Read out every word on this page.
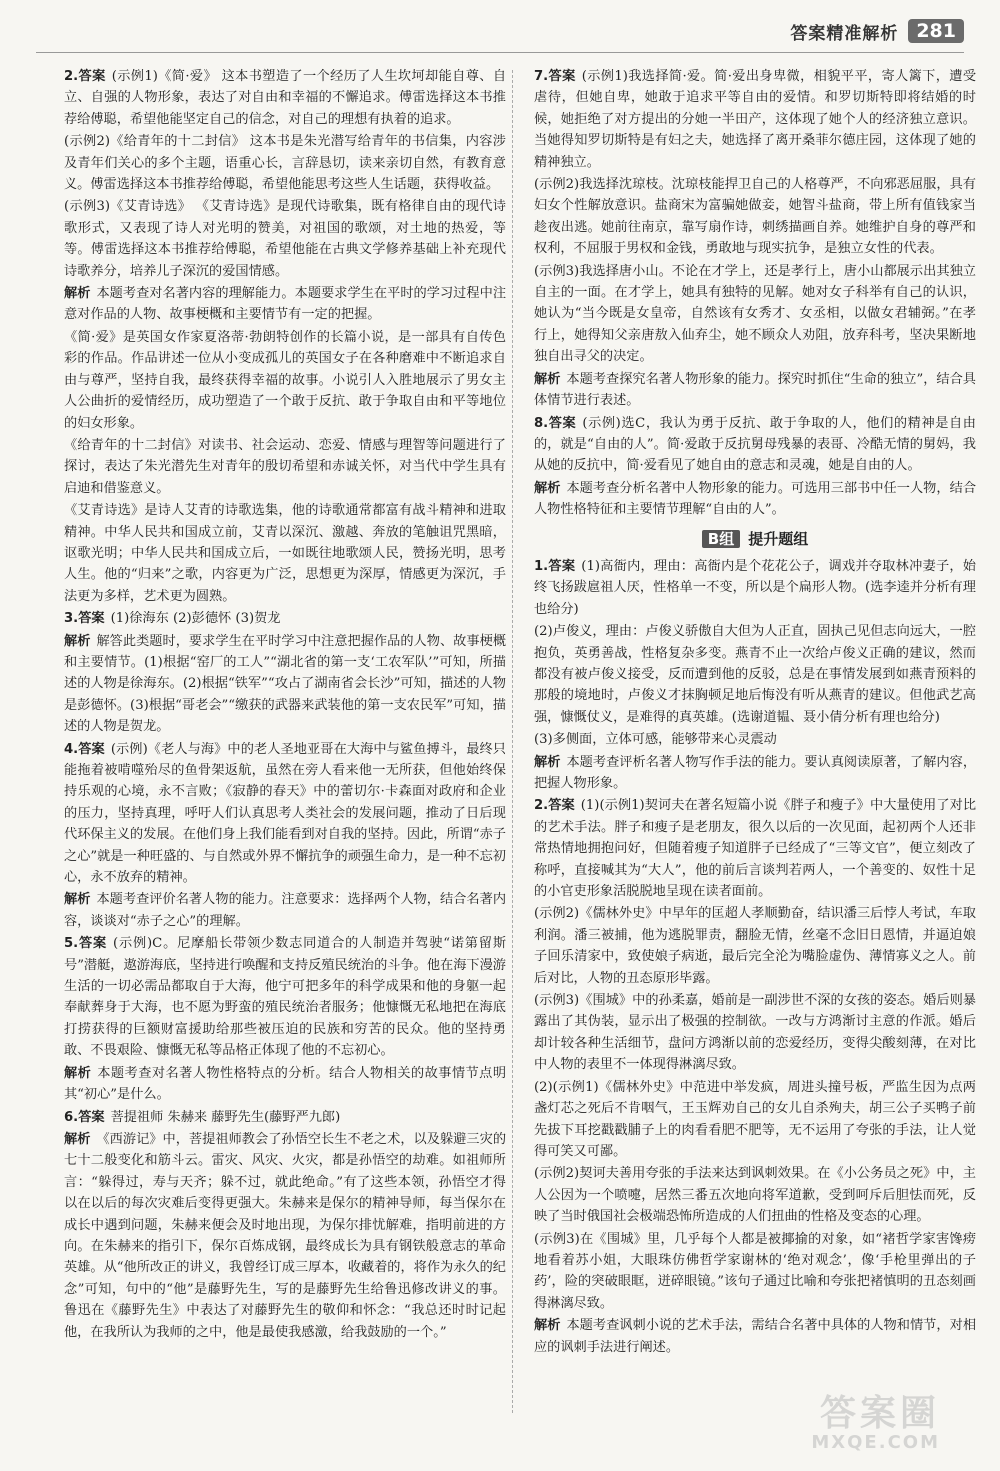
答案精准解析 281
2.答案 (示例1)《简·爱》 这本书塑造了一个经历了人生坎坷却能自尊、自立、自强的人物形象，表达了对自由和幸福的不懈追求。傅雷选择这本书推荐给傅聪，希望他能坚定自己的信念，对自己的理想有执着的追求。
(示例2)《给青年的十二封信》 这本书是朱光潜写给青年的书信集，内容涉及青年们关心的多个主题，语重心长，言辞恳切，读来亲切自然，有教育意义。傅雷选择这本书推荐给傅聪，希望他能思考这些人生话题，获得收益。
(示例3)《艾青诗选》 《艾青诗选》是现代诗歌集，既有格律自由的现代诗歌形式，又表现了诗人对光明的赞美，对祖国的歌颂，对土地的热爱，等等。傅雷选择这本书推荐给傅聪，希望他能在古典文学修养基础上补充现代诗歌养分，培养儿子深沉的爱国情感。
解析 本题考查对名著内容的理解能力。本题要求学生在平时的学习过程中注意对作品的人物、故事梗概和主要情节有一定的把握。
《简·爱》是英国女作家夏洛蒂·勃朗特创作的长篇小说，是一部具有自传色彩的作品。作品讲述一位从小变成孤儿的英国女子在各种磨难中不断追求自由与尊严，坚持自我，最终获得幸福的故事。小说引人入胜地展示了男女主人公曲折的爱情经历，成功塑造了一个敢于反抗、敢于争取自由和平等地位的妇女形象。
《给青年的十二封信》对读书、社会运动、恋爱、情感与理智等问题进行了探讨，表达了朱光潜先生对青年的殷切希望和赤诚关怀，对当代中学生具有启迪和借鉴意义。
《艾青诗选》是诗人艾青的诗歌选集，他的诗歌通常都富有战斗精神和进取精神。中华人民共和国成立前，艾青以深沉、激越、奔放的笔触诅咒黑暗，讴歌光明；中华人民共和国成立后，一如既往地歌颂人民，赞扬光明，思考人生。他的“归来”之歌，内容更为广泛，思想更为深厚，情感更为深沉，手法更为多样，艺术更为圆熟。
3.答案 (1)徐海东 (2)彭德怀 (3)贺龙
解析 解答此类题时，要求学生在平时学习中注意把握作品的人物、故事梗概和主要情节。(1)根据“窑厂的工人”“湖北省的第一支‘工农军队’”可知，所描述的人物是徐海东。(2)根据“铁军”“攻占了湖南省会长沙”可知，描述的人物是彭德怀。(3)根据“哥老会”“缴获的武器来武装他的第一支农民军”可知，描述的人物是贺龙。
4.答案 (示例)《老人与海》中的老人圣地亚哥在大海中与鲨鱼搏斗，最终只能拖着被啃噬殆尽的鱼骨架返航，虽然在旁人看来他一无所获，但他始终保持乐观的心境，永不言败；《寂静的春天》中的蕾切尔·卡森面对政府和企业的压力，坚持真理，呼吁人们认真思考人类社会的发展问题，推动了日后现代环保主义的发展。在他们身上我们能看到对自我的坚持。因此，所谓“赤子之心”就是一种旺盛的、与自然或外界不懈抗争的顽强生命力，是一种不忘初心，永不放弃的精神。
解析 本题考查评价名著人物的能力。注意要求：选择两个人物，结合名著内容，谈谈对“赤子之心”的理解。
5.答案 (示例)C。尼摩船长带领少数志同道合的人制造并驾驶“诺第留斯号”潜艇，遨游海底，坚持进行唤醒和支持反殖民统治的斗争。他在海下漫游生活的一切必需品都取自于大海，他宁可把多年的科学成果和他的身躯一起奉献葬身于大海，也不愿为野蛮的殖民统治者服务；他慷慨无私地把在海底打捞获得的巨额财富援助给那些被压迫的民族和穷苦的民众。他的坚持勇敢、不畏艰险、慷慨无私等品格正体现了他的不忘初心。
解析 本题考查对名著人物性格特点的分析。结合人物相关的故事情节点明其“初心”是什么。
6.答案 菩提祖师 朱赫来 藤野先生(藤野严九郎)
解析 《西游记》中，菩提祖师教会了孙悟空长生不老之术，以及躲避三灾的七十二般变化和筋斗云。雷灾、风灾、火灾，都是孙悟空的劫难。如祖师所言：“躲得过，寿与天齐；躲不过，就此绝命。”有了这些本领，孙悟空才得以在以后的每次灾难后变得更强大。朱赫来是保尔的精神导师，每当保尔在成长中遇到问题，朱赫来便会及时地出现，为保尔排忧解难，指明前进的方向。在朱赫来的指引下，保尔百炼成钢，最终成长为具有钢铁般意志的革命英雄。从“他所改正的讲义，我曾经订成三厚本，收藏着的，将作为永久的纪念”可知，句中的“他”是藤野先生，写的是藤野先生给鲁迅修改讲义的事。鲁迅在《藤野先生》中表达了对藤野先生的敬仰和怀念：“我总还时时记起他，在我所认为我师的之中，他是最使我感激，给我鼓励的一个。”
7.答案 (示例1)我选择简·爱。简·爱出身卑微，相貌平平，寄人篱下，遭受虐待，但她自卑，她敢于追求平等自由的爱情。和罗切斯特即将结婚的时候，她拒绝了对方提出的分她一半田产，这体现了她个人的经济独立意识。当她得知罗切斯特是有妇之夫，她选择了离开桑菲尔德庄园，这体现了她的精神独立。
(示例2)我选择沈琼枝。沈琼枝能捍卫自己的人格尊严，不向邪恶屈服，具有妇女个性解放意识。盐商宋为富骗她做妾，她智斗盐商，带上所有值钱家当趁夜出逃。她前往南京，靠写扇作诗，刺绣描画自养。她维护自身的尊严和权利，不屈服于男权和金钱，勇敢地与现实抗争，是独立女性的代表。
(示例3)我选择唐小山。不论在才学上，还是孝行上，唐小山都展示出其独立自主的一面。在才学上，她具有独特的见解。她对女子科举有自己的认识，她认为“当今既是女皇帝，自然该有女秀才、女丞相，以做女君辅弼。”在孝行上，她得知父亲唐敖入仙弃尘，她不顾众人劝阻，放弃科考，坚决果断地独自出寻父的决定。
解析 本题考查探究名著人物形象的能力。探究时抓住“生命的独立”，结合具体情节进行表述。
8.答案 (示例)选C，我认为勇于反抗、敢于争取的人，他们的精神是自由的，就是“自由的人”。简·爱敢于反抗舅母残暴的表哥、冷酷无情的舅妈，我从她的反抗中，简·爱看见了她自由的意志和灵魂，她是自由的人。
解析 本题考查分析名著中人物形象的能力。可选用三部书中任一人物，结合人物性格特征和主要情节理解“自由的人”。
B组 提升题组
1.答案 (1)高衙内，理由：高衙内是个花花公子，调戏并夺取林冲妻子，始终飞扬跋扈祖人厌，性格单一不变，所以是个扁形人物。(选李逵并分析有理也给分)
(2)卢俊义，理由：卢俊义骄傲自大但为人正直，固执己见但志向远大，一腔抱负，英勇善战，性格复杂多变。燕青不止一次给卢俊义正确的建议，然而都没有被卢俊义接受，反而遭到他的反驳，总是在事情发展到如燕青预料的那般的境地时，卢俊义才抹胸顿足地后悔没有听从燕青的建议。但他武艺高强，慷慨仗义，是难得的真英雄。(选谢道韫、聂小倩分析有理也给分)
(3)多侧面，立体可感，能够带来心灵震动
解析 本题考查评析名著人物写作手法的能力。要认真阅读原著，了解内容，把握人物形象。
2.答案 (1)(示例1)契诃夫在著名短篇小说《胖子和瘦子》中大量使用了对比的艺术手法。胖子和瘦子是老朋友，很久以后的一次见面，起初两个人还非常热情地拥抱问好，但随着瘦子知道胖子已经成了“三等文官”，便立刻改了称呼，直接喊其为“大人”，他的前后言谈判若两人，一个善变的、奴性十足的小官吏形象活脱脱地呈现在读者面前。
(示例2)《儒林外史》中早年的匡超人孝顺勤奋，结识潘三后悖人考试，车取利润。潘三被捕，他为逃脱罪责，翻脸无情，丝毫不念旧日恩情，并逼迫娘子回乐清家中，致使娘子病逝，最后完全沦为嘴脸虚伪、薄情寡义之人。前后对比，人物的丑态原形毕露。
(示例3)《围城》中的孙柔嘉，婚前是一副涉世不深的女孩的姿态。婚后则暴露出了其伪装，显示出了极强的控制欲。一改与方鸿渐讨主意的作派。婚后却计较各种生活细节，盘问方鸿渐以前的恋爱经历，变得尖酸刻薄，在对比中人物的表里不一体现得淋漓尽致。
(2)(示例1)《儒林外史》中范进中举发疯，周进头撞号板，严监生因为点两盏灯芯之死后不肯咽气，王玉辉劝自己的女儿自杀殉夫，胡三公子买鸭子前先拔下耳挖戳戳脯子上的肉看看肥不肥等，无不运用了夸张的手法，让人觉得可笑又可鄙。
(示例2)契诃夫善用夸张的手法来达到讽刺效果。在《小公务员之死》中，主人公因为一个喷嚏，居然三番五次地向将军道歉，受到呵斥后胆怯而死，反映了当时俄国社会极端恐怖所造成的人们扭曲的性格及变态的心理。
(示例3)在《围城》里，几乎每个人都是被揶揄的对象，如“褚哲学家害馋痨地看着苏小姐，大眼珠仿佛哲学家谢林的‘绝对观念’，像‘手枪里弹出的子药’，险的突破眼眶，迸碎眼镜。”该句子通过比喻和夸张把褚慎明的丑态刻画得淋漓尽致。
解析 本题考查讽刺小说的艺术手法，需结合名著中具体的人物和情节，对相应的讽刺手法进行阐述。
答案圈
MXQE.COM
